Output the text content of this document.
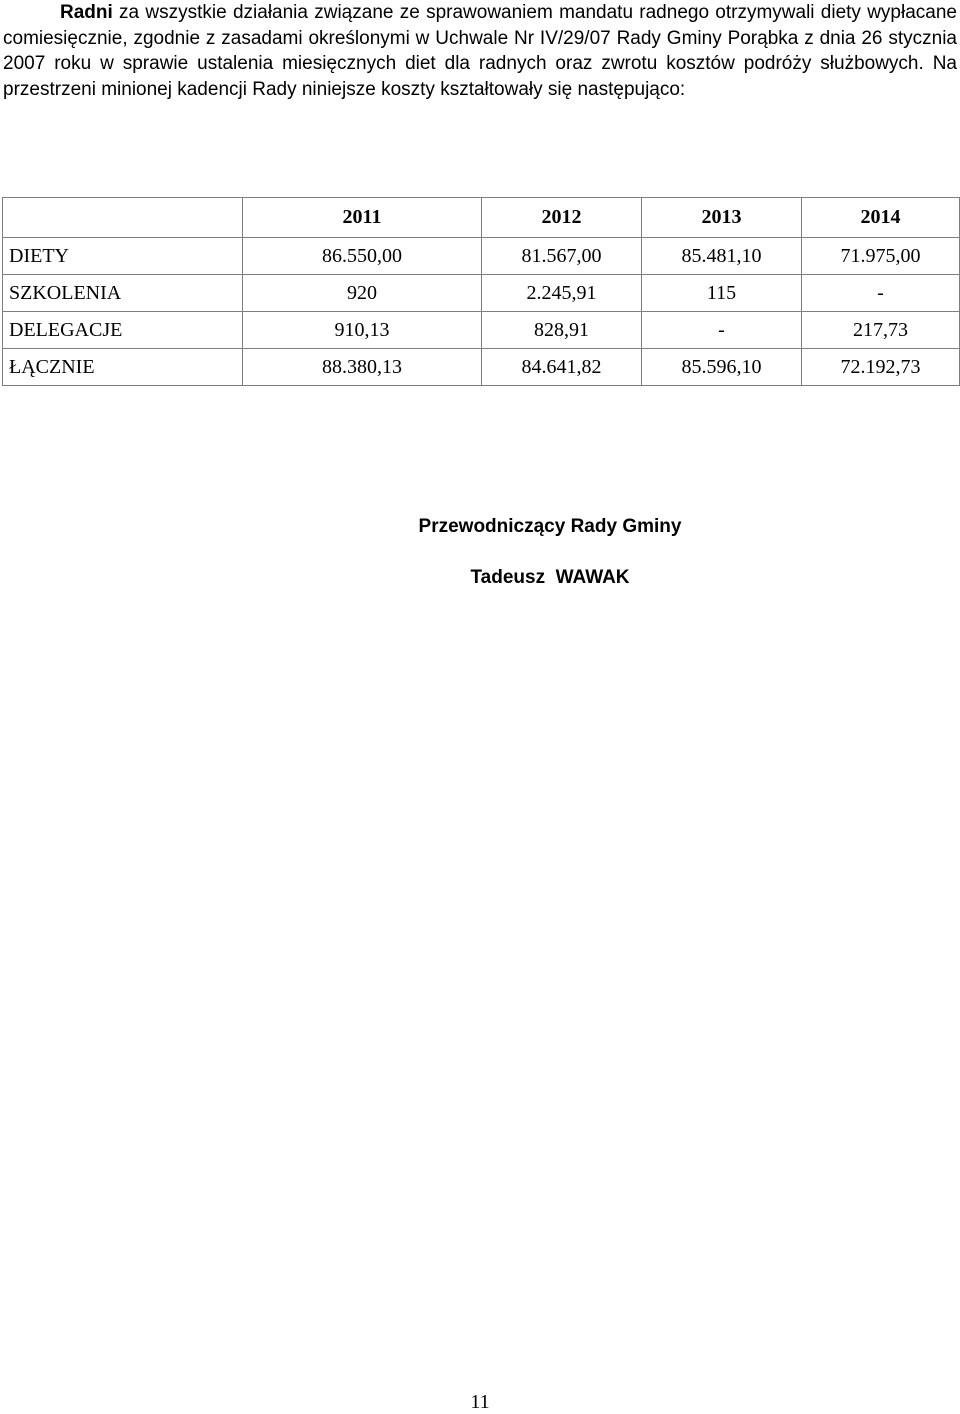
Radni za wszystkie działania związane ze sprawowaniem mandatu radnego otrzymywali diety wypłacane comiesięcznie, zgodnie z zasadami określonymi w Uchwale Nr IV/29/07 Rady Gminy Porąbka z dnia 26 stycznia 2007 roku w sprawie ustalenia miesięcznych diet dla radnych oraz zwrotu kosztów podróży służbowych. Na przestrzeni minionej kadencji Rady niniejsze koszty kształtowały się następująco:

	2011	2012	2013	2014
DIETY	86.550,00	81.567,00	85.481,10	71.975,00
SZKOLENIA	920	2.245,91	115	-
DELEGACJE	910,13	828,91	-	217,73
ŁĄCZNIE	88.380,13	84.641,82	85.596,10	72.192,73
Przewodniczący Rady Gminy
Tadeusz  WAWAK
11
